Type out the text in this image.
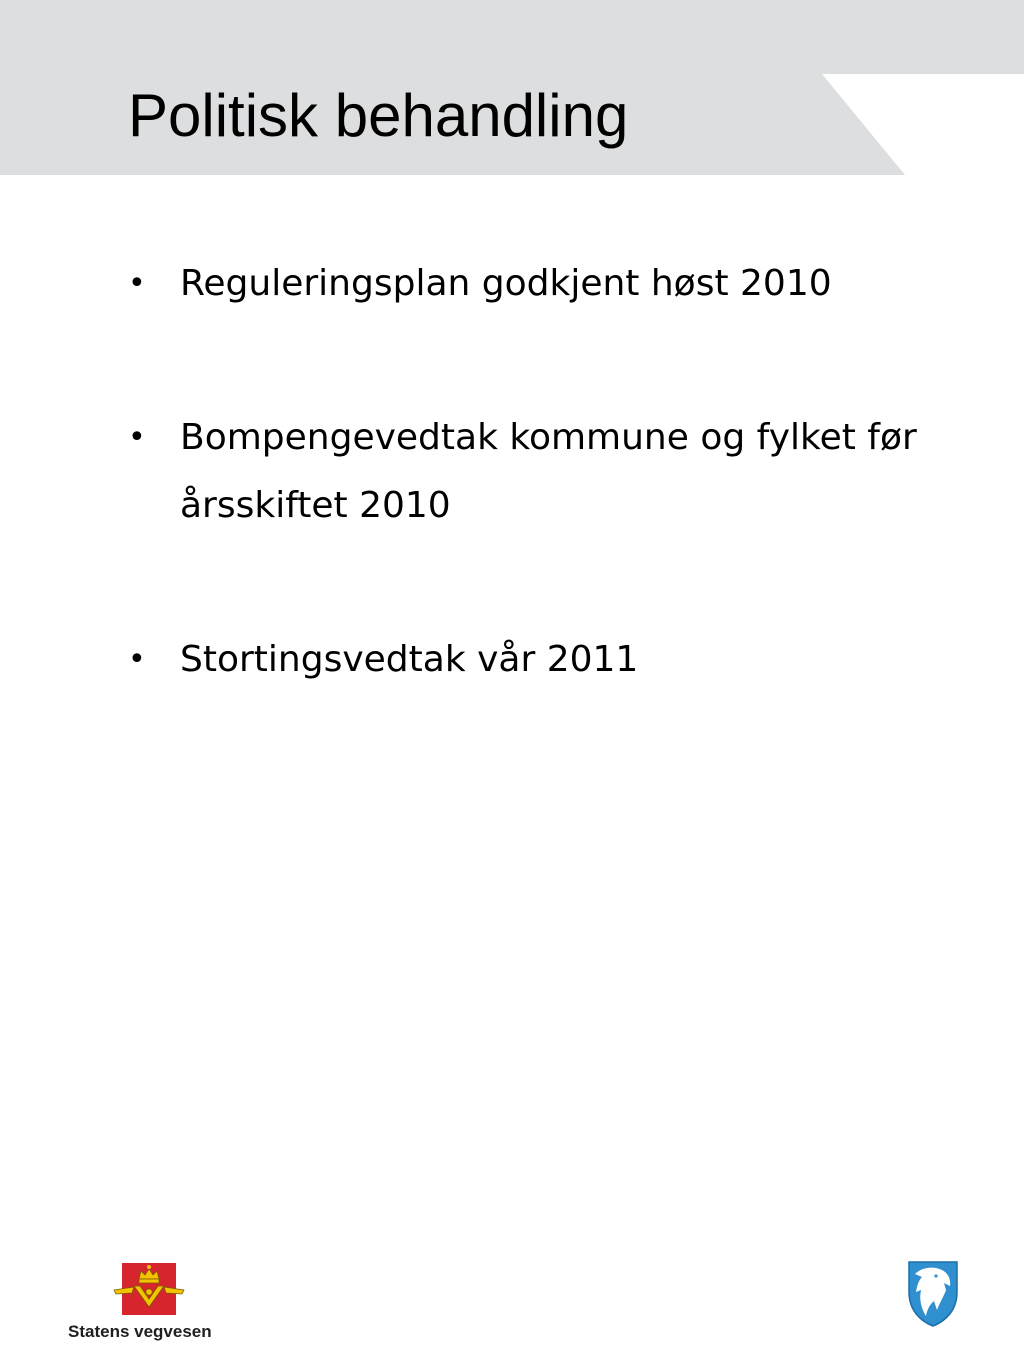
Politisk behandling
• Reguleringsplan godkjent høst 2010
• Bompengevedtak kommune og fylket før årsskiftet 2010
• Stortingsvedtak vår 2011
Statens vegvesen
